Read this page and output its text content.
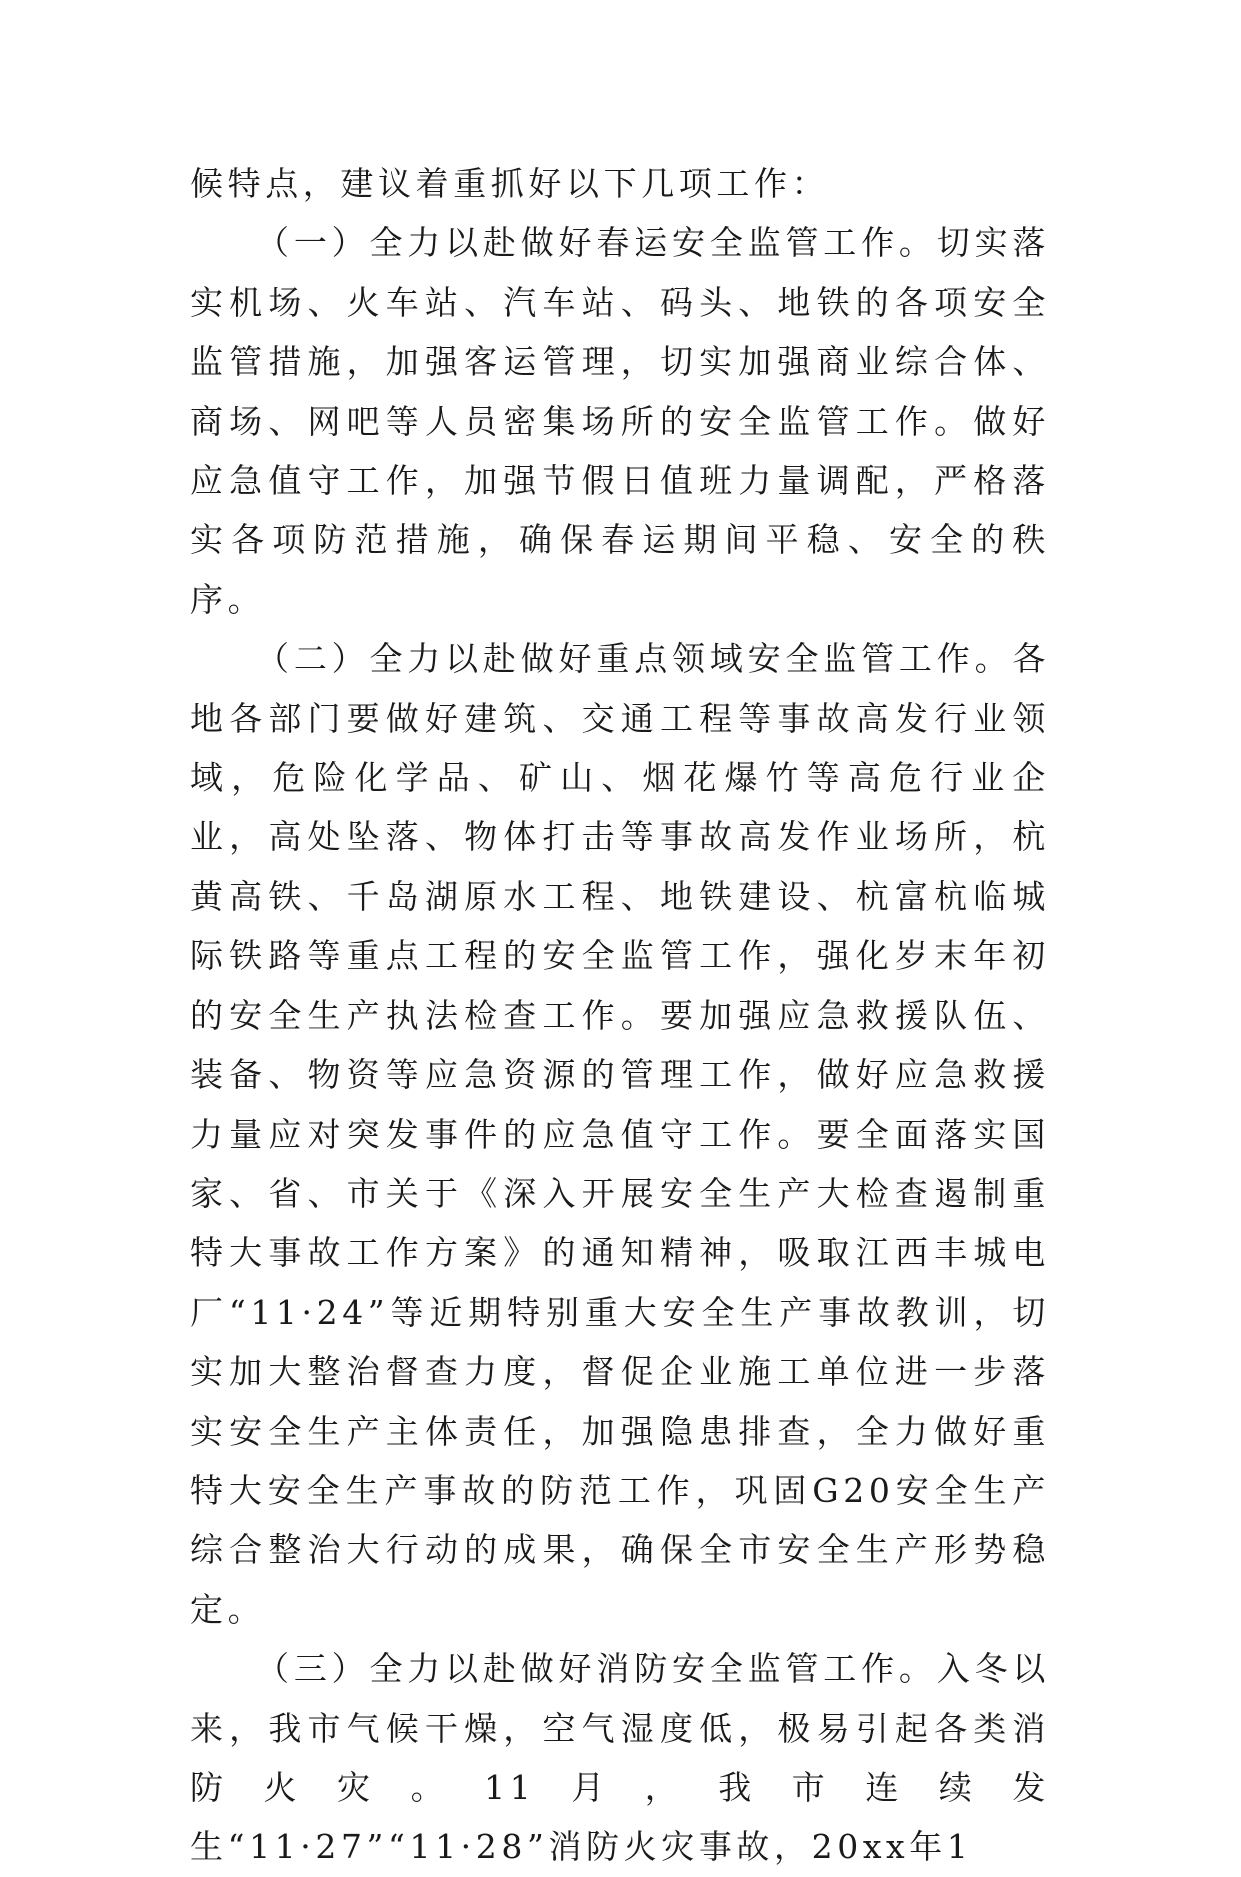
候特点，建议着重抓好以下几项工作：

（一）全力以赴做好春运安全监管工作。切实落实机场、火车站、汽车站、码头、地铁的各项安全监管措施，加强客运管理，切实加强商业综合体、商场、网吧等人员密集场所的安全监管工作。做好应急值守工作，加强节假日值班力量调配，严格落实各项防范措施，确保春运期间平稳、安全的秩序。

（二）全力以赴做好重点领域安全监管工作。各地各部门要做好建筑、交通工程等事故高发行业领域，危险化学品、矿山、烟花爆竹等高危行业企业，高处坠落、物体打击等事故高发作业场所，杭黄高铁、千岛湖原水工程、地铁建设、杭富杭临城际铁路等重点工程的安全监管工作，强化岁末年初的安全生产执法检查工作。要加强应急救援队伍、装备、物资等应急资源的管理工作，做好应急救援力量应对突发事件的应急值守工作。要全面落实国家、省、市关于《深入开展安全生产大检查遏制重特大事故工作方案》的通知精神，吸取江西丰城电厂“11·24”等近期特别重大安全生产事故教训，切实加大整治督查力度，督促企业施工单位进一步落实安全生产主体责任，加强隐患排查，全力做好重特大安全生产事故的防范工作，巩固G20安全生产综合整治大行动的成果，确保全市安全生产形势稳定。

（三）全力以赴做好消防安全监管工作。入冬以来，我市气候干燥，空气湿度低，极易引起各类消防火灾。11月，我市连续发生“11·27”“11·28”消防火灾事故，20xx年1
